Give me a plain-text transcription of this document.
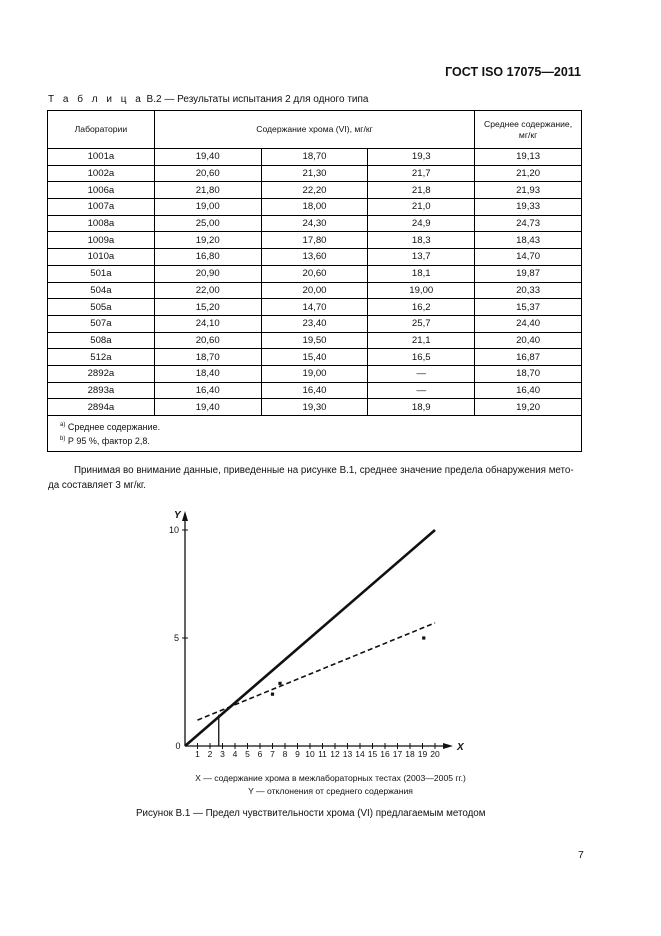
ГОСТ ISO 17075—2011
Т а б л и ц а В.2 — Результаты испытания 2 для одного типа
Лаборатории	Содержание хрома (VI), мг/кг			Среднее содержание,
мг/кг
1001a	19,40	18,70	19,3	19,13
1002a	20,60	21,30	21,7	21,20
1006a	21,80	22,20	21,8	21,93
1007a	19,00	18,00	21,0	19,33
1008a	25,00	24,30	24,9	24,73
1009a	19,20	17,80	18,3	18,43
1010a	16,80	13,60	13,7	14,70
501a	20,90	20,60	18,1	19,87
504a	22,00	20,00	19,00	20,33
505a	15,20	14,70	16,2	15,37
507a	24,10	23,40	25,7	24,40
508a	20,60	19,50	21,1	20,40
512a	18,70	15,40	16,5	16,87
2892a	18,40	19,00	—	18,70
2893a	16,40	16,40	—	16,40
2894a	19,40	19,30	18,9	19,20

$^{a)}$ Среднее содержание.
$^{b)}$ Р 95 %, фактор 2,8.				
Принимая во внимание данные, приведенные на рисунке В.1, среднее значение предела обнаружения мето-да составляет 3 мг/кг.
Y
X
0
1 2 3 4 5 6 7 8 9 10 11 12 13 14 15 16 17 18 19 20
5
10
X — содержание хрома в межлабораторных тестах (2003—2005 гг.)
Y — отклонения от среднего содержания
Рисунок В.1 — Предел чувствительности хрома (VI) предлагаемым методом
7
